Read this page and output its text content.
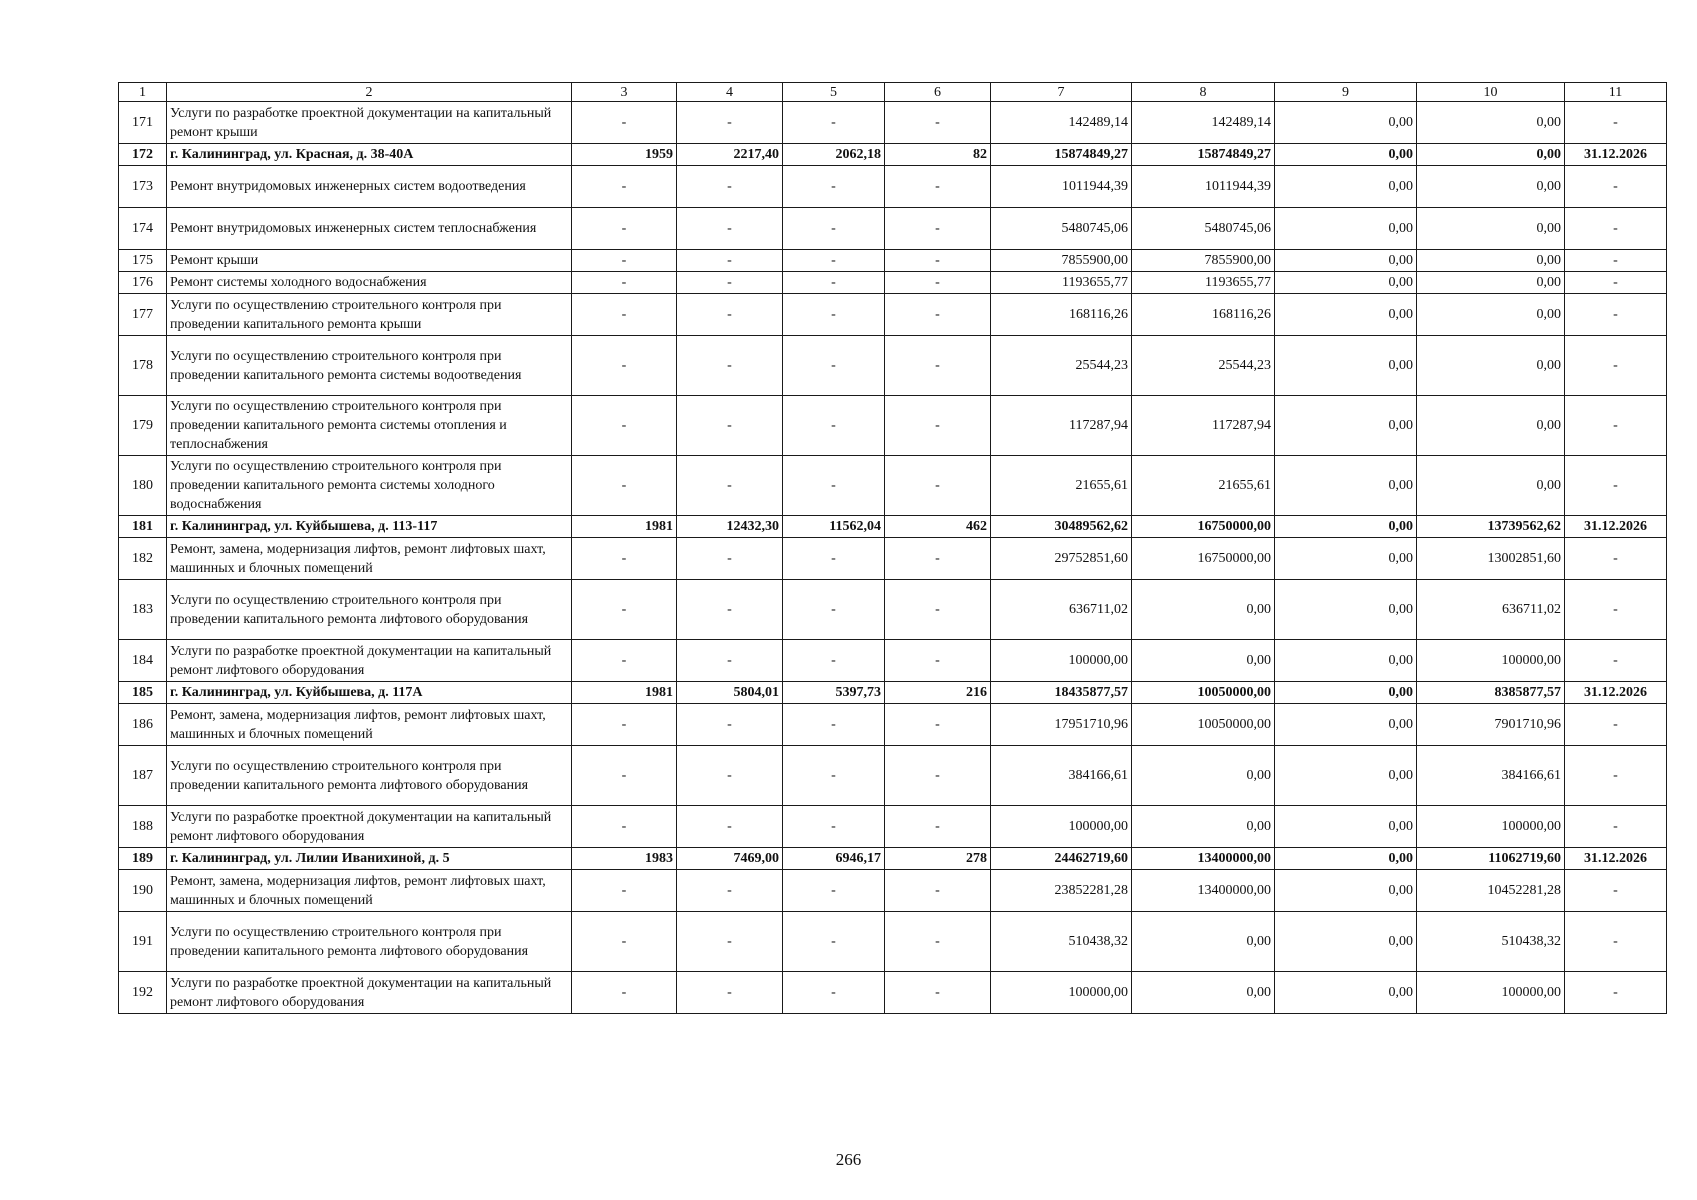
1	2	3	4	5	6	7	8	9	10	11
171	Услуги по разработке проектной документации на капитальный ремонт крыши	-	-	-	-	142489,14	142489,14	0,00	0,00	-
172	г. Калининград, ул. Красная, д. 38-40А	1959	2217,40	2062,18	82	15874849,27	15874849,27	0,00	0,00	31.12.2026
173	Ремонт внутридомовых инженерных систем водоотведения	-	-	-	-	1011944,39	1011944,39	0,00	0,00	-
174	Ремонт внутридомовых инженерных систем теплоснабжения	-	-	-	-	5480745,06	5480745,06	0,00	0,00	-
175	Ремонт крыши	-	-	-	-	7855900,00	7855900,00	0,00	0,00	-
176	Ремонт системы холодного водоснабжения	-	-	-	-	1193655,77	1193655,77	0,00	0,00	-
177	Услуги по осуществлению строительного контроля при проведении капитального ремонта крыши	-	-	-	-	168116,26	168116,26	0,00	0,00	-
178	Услуги по осуществлению строительного контроля при проведении капитального ремонта системы водоотведения	-	-	-	-	25544,23	25544,23	0,00	0,00	-
179	Услуги по осуществлению строительного контроля при проведении капитального ремонта системы отопления и теплоснабжения	-	-	-	-	117287,94	117287,94	0,00	0,00	-
180	Услуги по осуществлению строительного контроля при проведении капитального ремонта системы холодного водоснабжения	-	-	-	-	21655,61	21655,61	0,00	0,00	-
181	г. Калининград, ул. Куйбышева, д. 113-117	1981	12432,30	11562,04	462	30489562,62	16750000,00	0,00	13739562,62	31.12.2026
182	Ремонт, замена, модернизация лифтов, ремонт лифтовых шахт, машинных и блочных помещений	-	-	-	-	29752851,60	16750000,00	0,00	13002851,60	-
183	Услуги по осуществлению строительного контроля при проведении капитального ремонта лифтового оборудования	-	-	-	-	636711,02	0,00	0,00	636711,02	-
184	Услуги по разработке проектной документации на капитальный ремонт лифтового оборудования	-	-	-	-	100000,00	0,00	0,00	100000,00	-
185	г. Калининград, ул. Куйбышева, д. 117А	1981	5804,01	5397,73	216	18435877,57	10050000,00	0,00	8385877,57	31.12.2026
186	Ремонт, замена, модернизация лифтов, ремонт лифтовых шахт, машинных и блочных помещений	-	-	-	-	17951710,96	10050000,00	0,00	7901710,96	-
187	Услуги по осуществлению строительного контроля при проведении капитального ремонта лифтового оборудования	-	-	-	-	384166,61	0,00	0,00	384166,61	-
188	Услуги по разработке проектной документации на капитальный ремонт лифтового оборудования	-	-	-	-	100000,00	0,00	0,00	100000,00	-
189	г. Калининград, ул. Лилии Иванихиной, д. 5	1983	7469,00	6946,17	278	24462719,60	13400000,00	0,00	11062719,60	31.12.2026
190	Ремонт, замена, модернизация лифтов, ремонт лифтовых шахт, машинных и блочных помещений	-	-	-	-	23852281,28	13400000,00	0,00	10452281,28	-
191	Услуги по осуществлению строительного контроля при проведении капитального ремонта лифтового оборудования	-	-	-	-	510438,32	0,00	0,00	510438,32	-
192	Услуги по разработке проектной документации на капитальный ремонт лифтового оборудования	-	-	-	-	100000,00	0,00	0,00	100000,00	-
266
